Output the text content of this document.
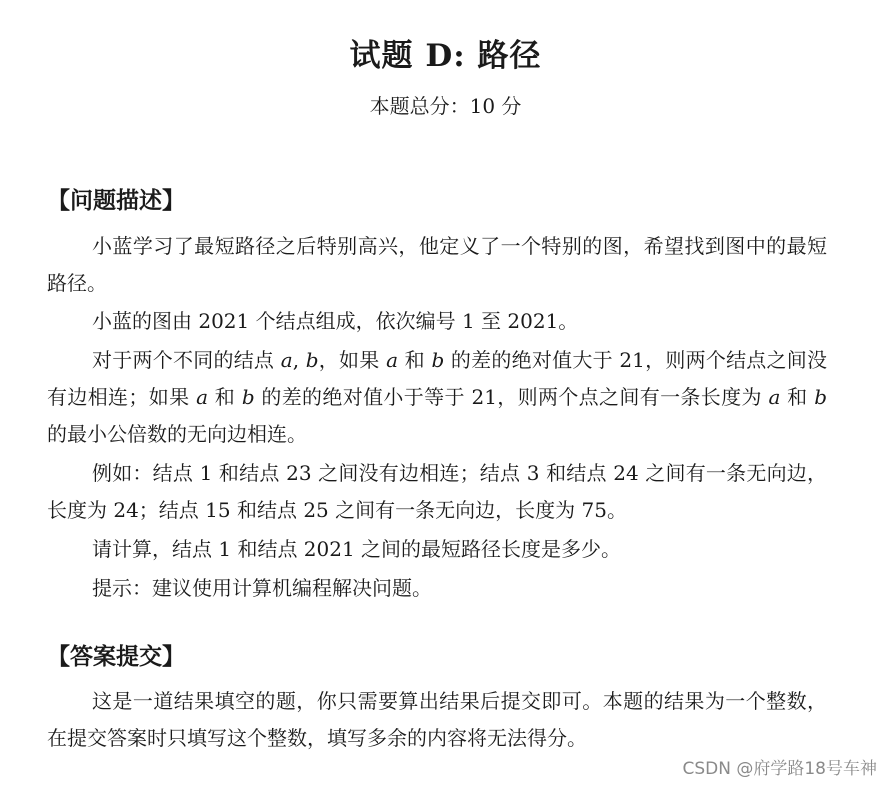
试题 D: 路径
本题总分：10 分
【问题描述】
小蓝学习了最短路径之后特别高兴，他定义了一个特别的图，希望找到图中的最短路径。
小蓝的图由 2021 个结点组成，依次编号 1 至 2021。
对于两个不同的结点 a, b，如果 a 和 b 的差的绝对值大于 21，则两个结点之间没有边相连；如果 a 和 b 的差的绝对值小于等于 21，则两个点之间有一条长度为 a 和 b 的最小公倍数的无向边相连。
例如：结点 1 和结点 23 之间没有边相连；结点 3 和结点 24 之间有一条无向边，长度为 24；结点 15 和结点 25 之间有一条无向边，长度为 75。
请计算，结点 1 和结点 2021 之间的最短路径长度是多少。
提示：建议使用计算机编程解决问题。
【答案提交】
这是一道结果填空的题，你只需要算出结果后提交即可。本题的结果为一个整数，在提交答案时只填写这个整数，填写多余的内容将无法得分。
CSDN @府学路18号车神
